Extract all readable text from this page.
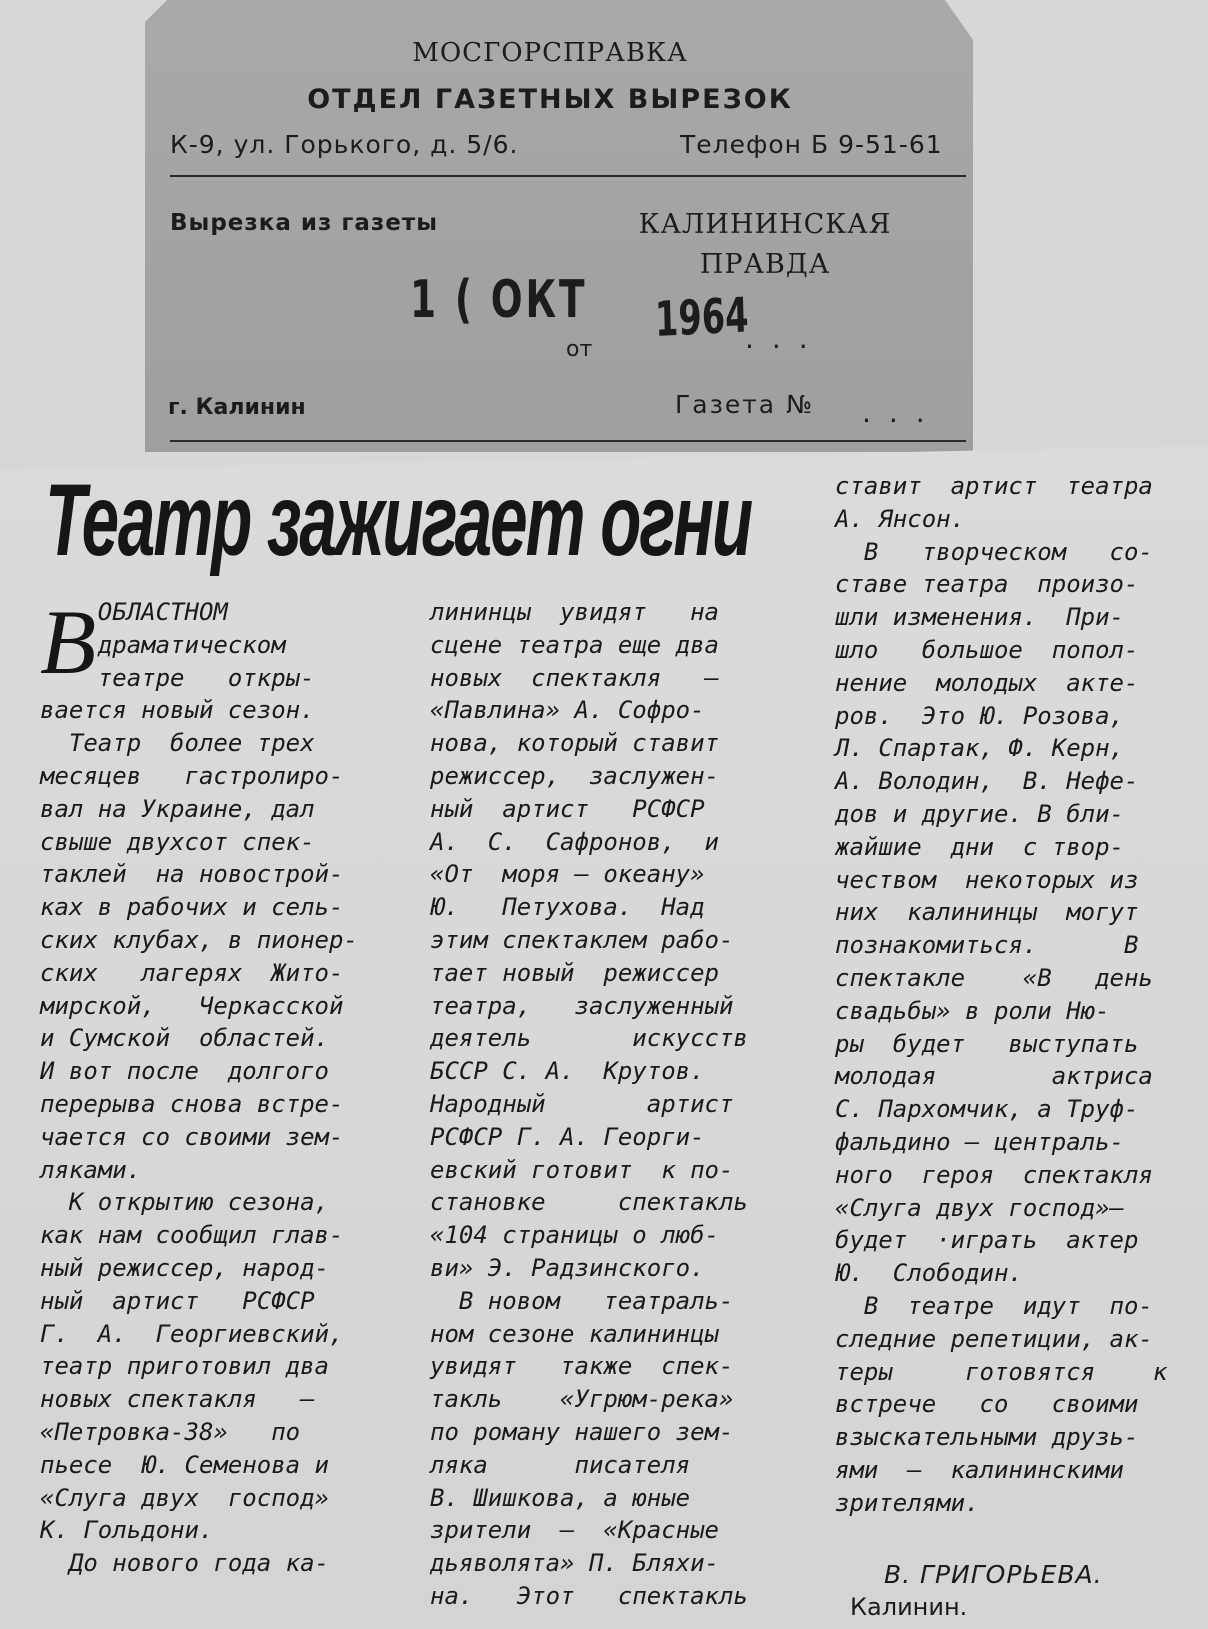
МОСГОРСПРАВКА
ОТДЕЛ ГАЗЕТНЫХ ВЫРЕЗОК
К-9, ул. Горького, д. 5/6.	Телефон Б 9-51-61
Вырезка из газеты	КАЛИНИНСКАЯ ПРАВДА
1 ( ОКТ
от
1964
...
г. Калинин	Газета № ...
Театр зажигает огни
В ОБЛАСТНОМ
драматическом
театре   откры-
вается новый сезон.
Театр  более трех
месяцев   гастролиро-
вал на Украине, дал
свыше двухсот спек-
таклей  на новострой-
ках в рабочих и сель-
ских клубах, в пионер-
ских   лагерях  Жито-
мирской,   Черкасской
и Сумской  областей.
И вот после  долгого
перерыва снова встре-
чается со своими зем-
ляками.
К открытию сезона,
как нам сообщил глав-
ный режиссер, народ-
ный  артист   РСФСР
Г.  А.  Георгиевский,
театр приготовил два
новых спектакля   —
«Петровка-38»   по
пьесе  Ю. Семенова и
«Слуга двух  господ»
К. Гольдони.
До нового года ка-
лининцы  увидят   на
сцене театра еще два
новых  спектакля   —
«Павлина» А. Софро-
нова, который ставит
режиссер,  заслужен-
ный  артист   РСФСР
А.  С.  Сафронов,  и
«От  моря — океану»
Ю.   Петухова.  Над
этим спектаклем рабо-
тает новый  режиссер
театра,   заслуженный
деятель       искусств
БССР С. А.  Крутов.
Народный       артист
РСФСР Г. А. Георги-
евский готовит  к по-
становке     спектакль
«104 страницы о люб-
ви» Э. Радзинского.
В новом   театраль-
ном сезоне калининцы
увидят   также  спек-
такль    «Угрюм-река»
по роману нашего зем-
ляка      писателя
В. Шишкова, а юные
зрители  —  «Красные
дьяволята» П. Бляхи-
на.   Этот   спектакль
ставит  артист  театра
А. Янсон.
В   творческом   со-
ставе театра  произо-
шли изменения.  При-
шло   большое  попол-
нение  молодых  акте-
ров.  Это Ю. Розова,
Л. Спартак, Ф. Керн,
А. Володин,  В. Нефе-
дов и другие. В бли-
жайшие  дни  с твор-
чеством  некоторых из
них  калининцы  могут
познакомиться.      В
спектакле    «В   день
свадьбы» в роли Ню-
ры  будет   выступать
молодая        актриса
С. Пархомчик, а Труф-
фальдино — централь-
ного  героя  спектакля
«Слуга двух господ»—
будет  ·играть  актер
Ю.  Слободин.
В  театре  идут  по-
следние репетиции, ак-
теры     готовятся    к
встрече   со   своими
взыскательными друзь-
ями  —  калининскими
зрителями.
В. ГРИГОРЬЕВА.
Калинин.
